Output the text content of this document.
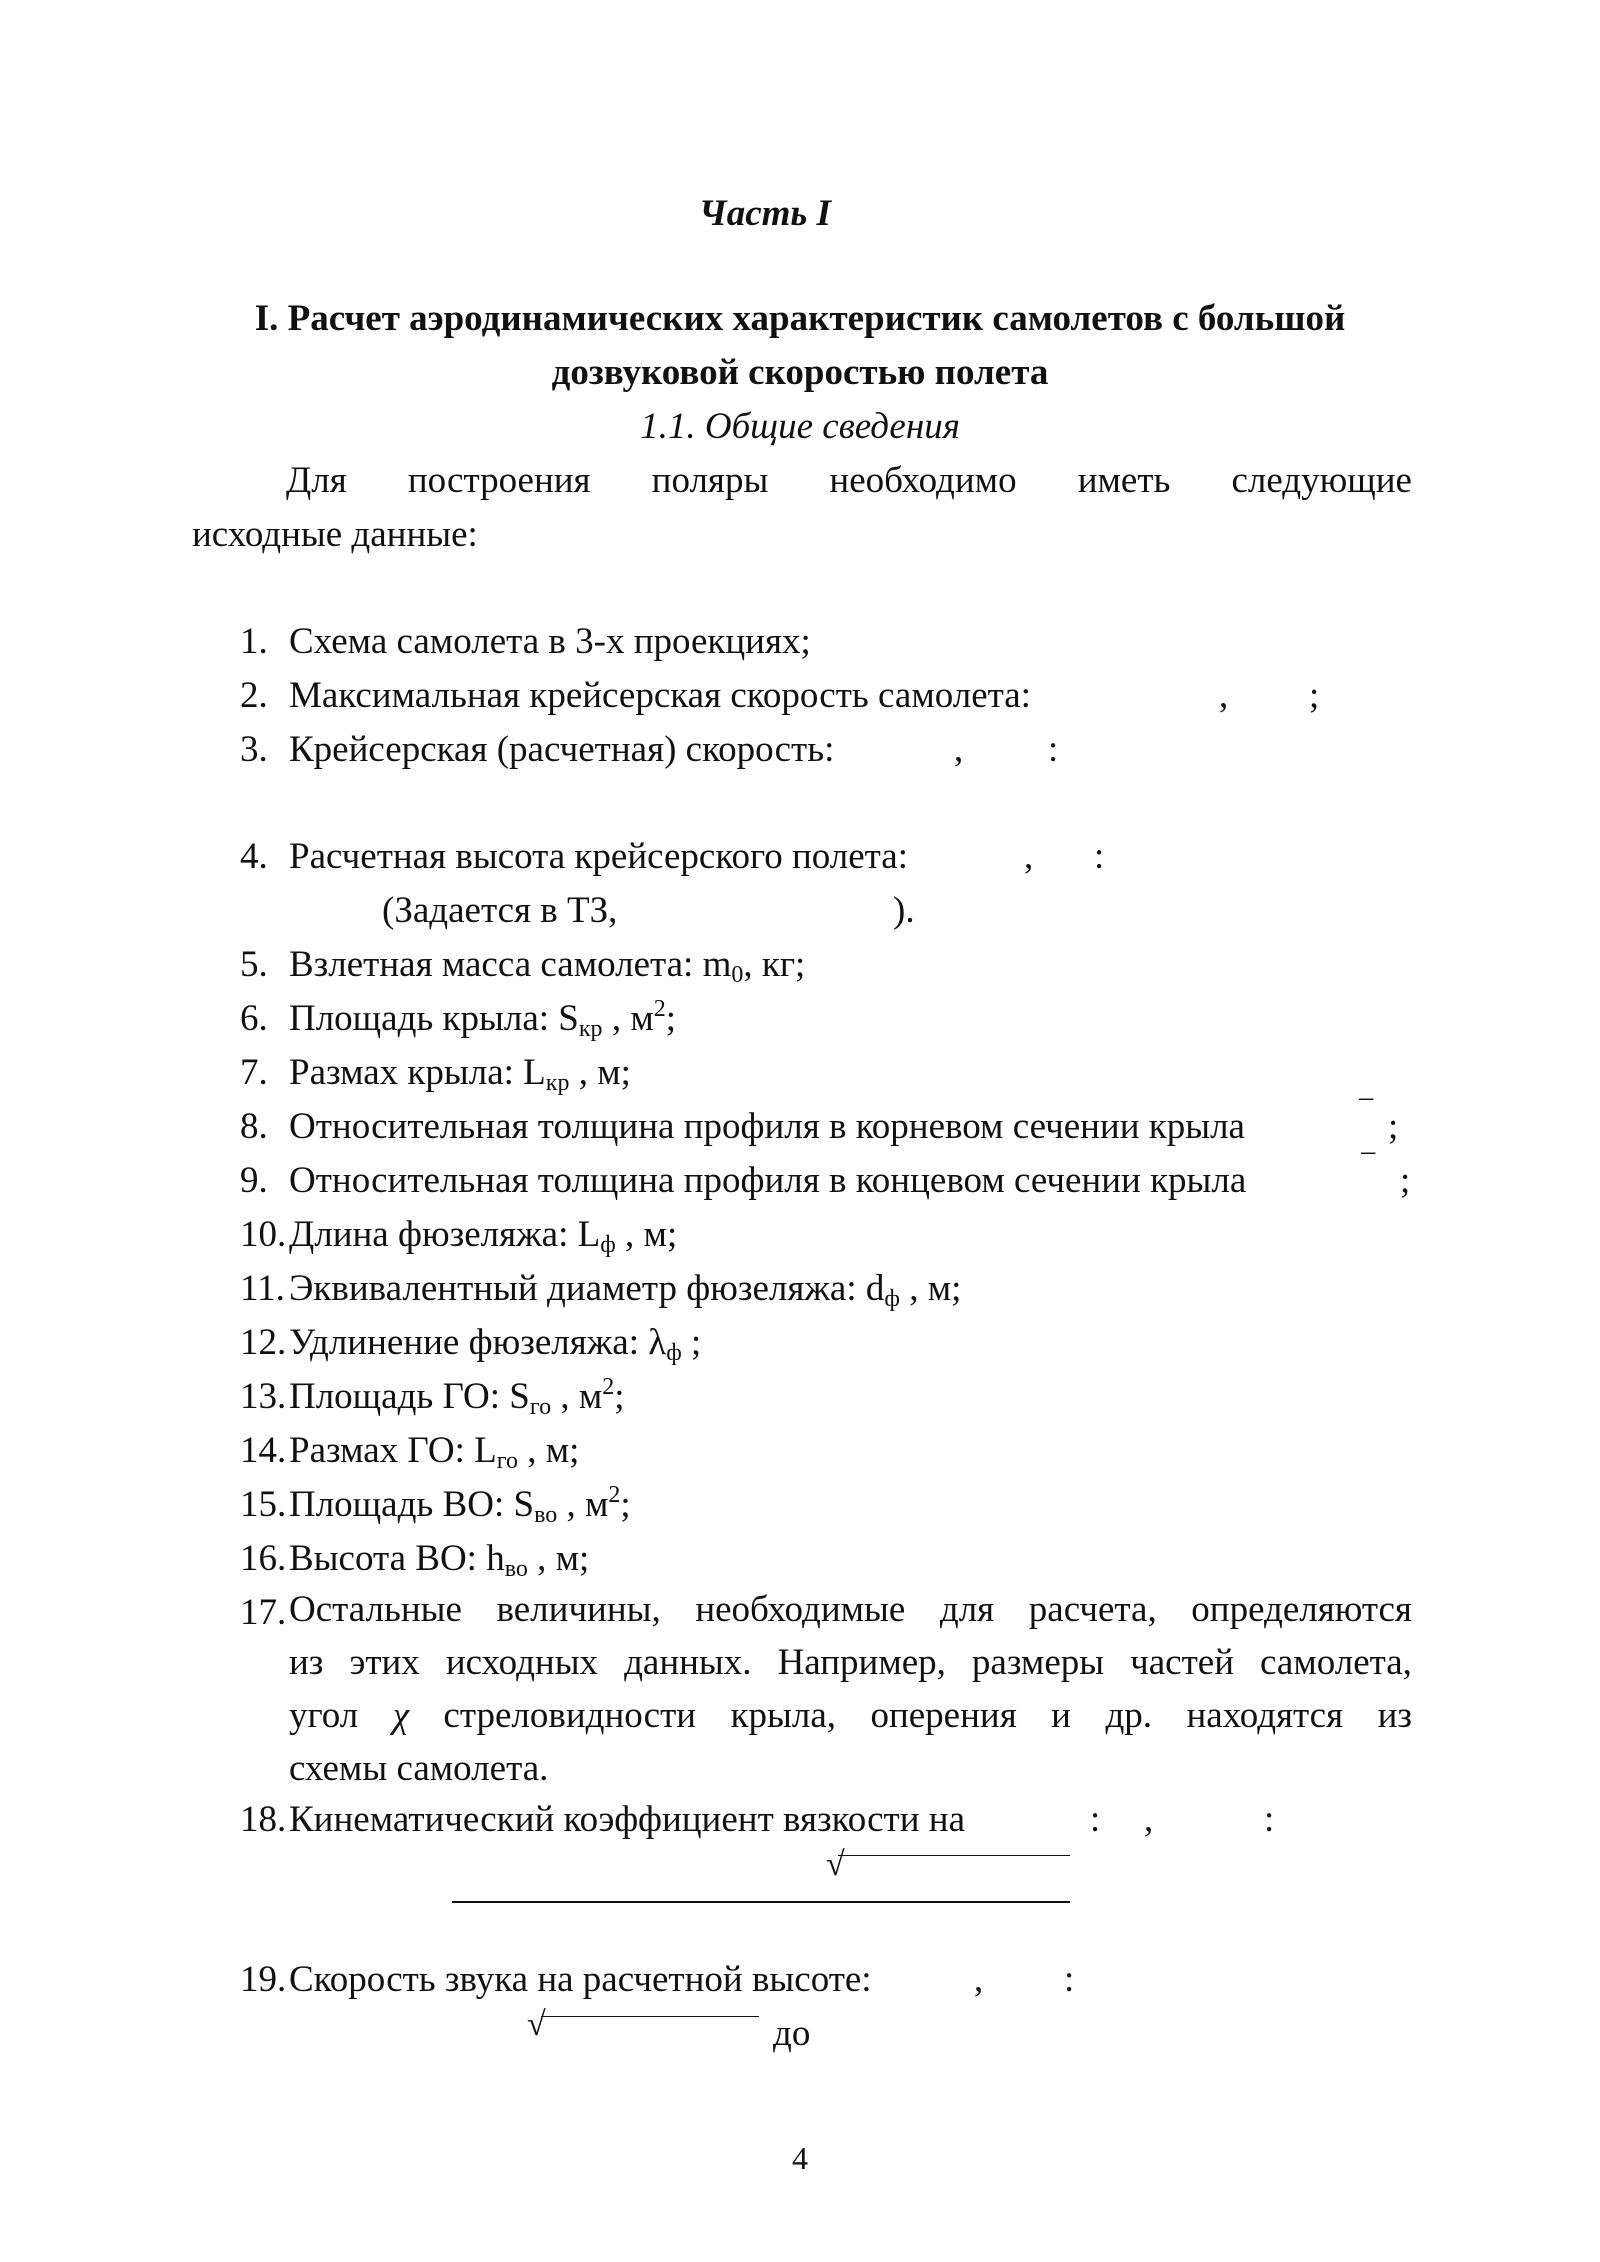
Часть I
I. Расчет аэродинамических характеристик самолетов с большой
дозвуковой скоростью полета
1.1. Общие сведения
Для построения поляры необходимо иметь следующие
исходные данные:
1. Схема самолета в 3-х проекциях;
2. Максимальная крейсерская скорость самолета:	, ;
3. Крейсерская (расчетная) скорость:	, :
4. Расчетная высота крейсерского полета:	, :
(Задается в ТЗ,	).
5. Взлетная масса самолета: $m_0$, кг;
6. Площадь крыла: $S_{кр}$ , $м^2$;
7. Размах крыла: $L_{кр}$ , м;
8. Относительная толщина профиля в корневом сечении крыла	‾ ;
9. Относительная толщина профиля в концевом сечении крыла	‾ ;
10. Длина фюзеляжа: $L_ф$ , м;
11. Эквивалентный диаметр фюзеляжа: $d_ф$ , м;
12. Удлинение фюзеляжа: $\lambda_ф$ ;
13. Площадь ГО: $S_{го}$ , $м^2$;
14. Размах ГО: $L_{го}$ , м;
15. Площадь ВО: $S_{во}$ , $м^2$;
16. Высота ВО: $h_{во}$ , м;
17. Остальные величины, необходимые для расчета, определяются
из этих исходных данных. Например, размеры частей самолета,
угол χ стреловидности крыла, оперения и др. находятся из
схемы самолета.
18. Кинематический коэффициент вязкости на	: ,	:
√
19. Скорость звука на расчетной высоте:	, :
√	до
4
